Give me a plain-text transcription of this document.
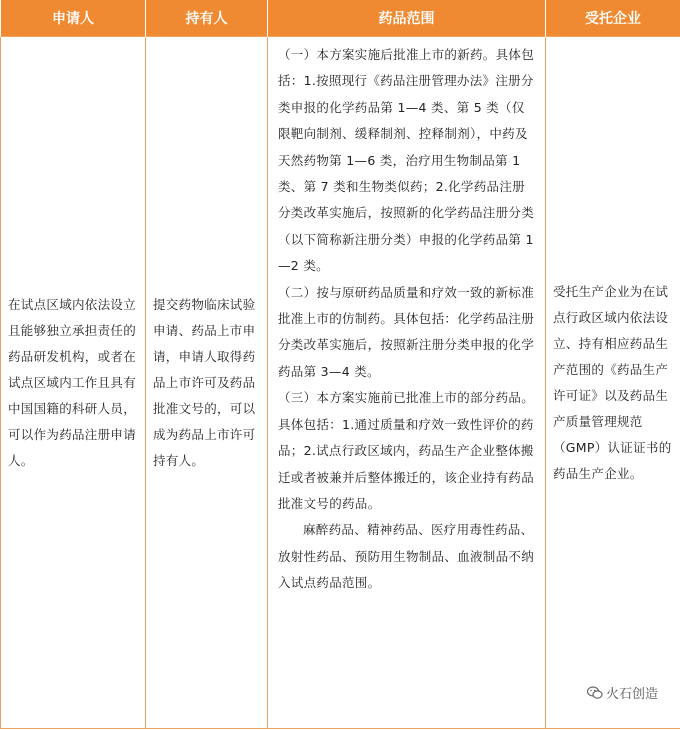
申请人	持有人	药品范围	受托企业
在试点区域内依法设立且能够独立承担责任的药品研发机构，或者在试点区域内工作且具有中国国籍的科研人员，可以作为药品注册申请人。	提交药物临床试验申请、药品上市申请，申请人取得药品上市许可及药品批准文号的，可以成为药品上市许可持有人。	（一）本方案实施后批准上市的新药。具体包括：1.按照现行《药品注册管理办法》注册分类申报的化学药品第 1—4 类、第 5 类（仅限靶向制剂、缓释制剂、控释制剂），中药及天然药物第 1—6 类，治疗用生物制品第 1 类、第 7 类和生物类似药；2.化学药品注册分类改革实施后，按照新的化学药品注册分类（以下简称新注册分类）申报的化学药品第 1—2 类。

（二）按与原研药品质量和疗效一致的新标准批准上市的仿制药。具体包括：化学药品注册分类改革实施后，按照新注册分类申报的化学药品第 3—4 类。

（三）本方案实施前已批准上市的部分药品。具体包括：1.通过质量和疗效一致性评价的药品；2.试点行政区域内，药品生产企业整体搬迁或者被兼并后整体搬迁的，该企业持有药品批准文号的药品。

麻醉药品、精神药品、医疗用毒性药品、放射性药品、预防用生物制品、血液制品不纳入试点药品范围。	受托生产企业为在试点行政区域内依法设立、持有相应药品生产范围的《药品生产许可证》以及药品生产质量管理规范（GMP）认证证书的药品生产企业。
火石创造
